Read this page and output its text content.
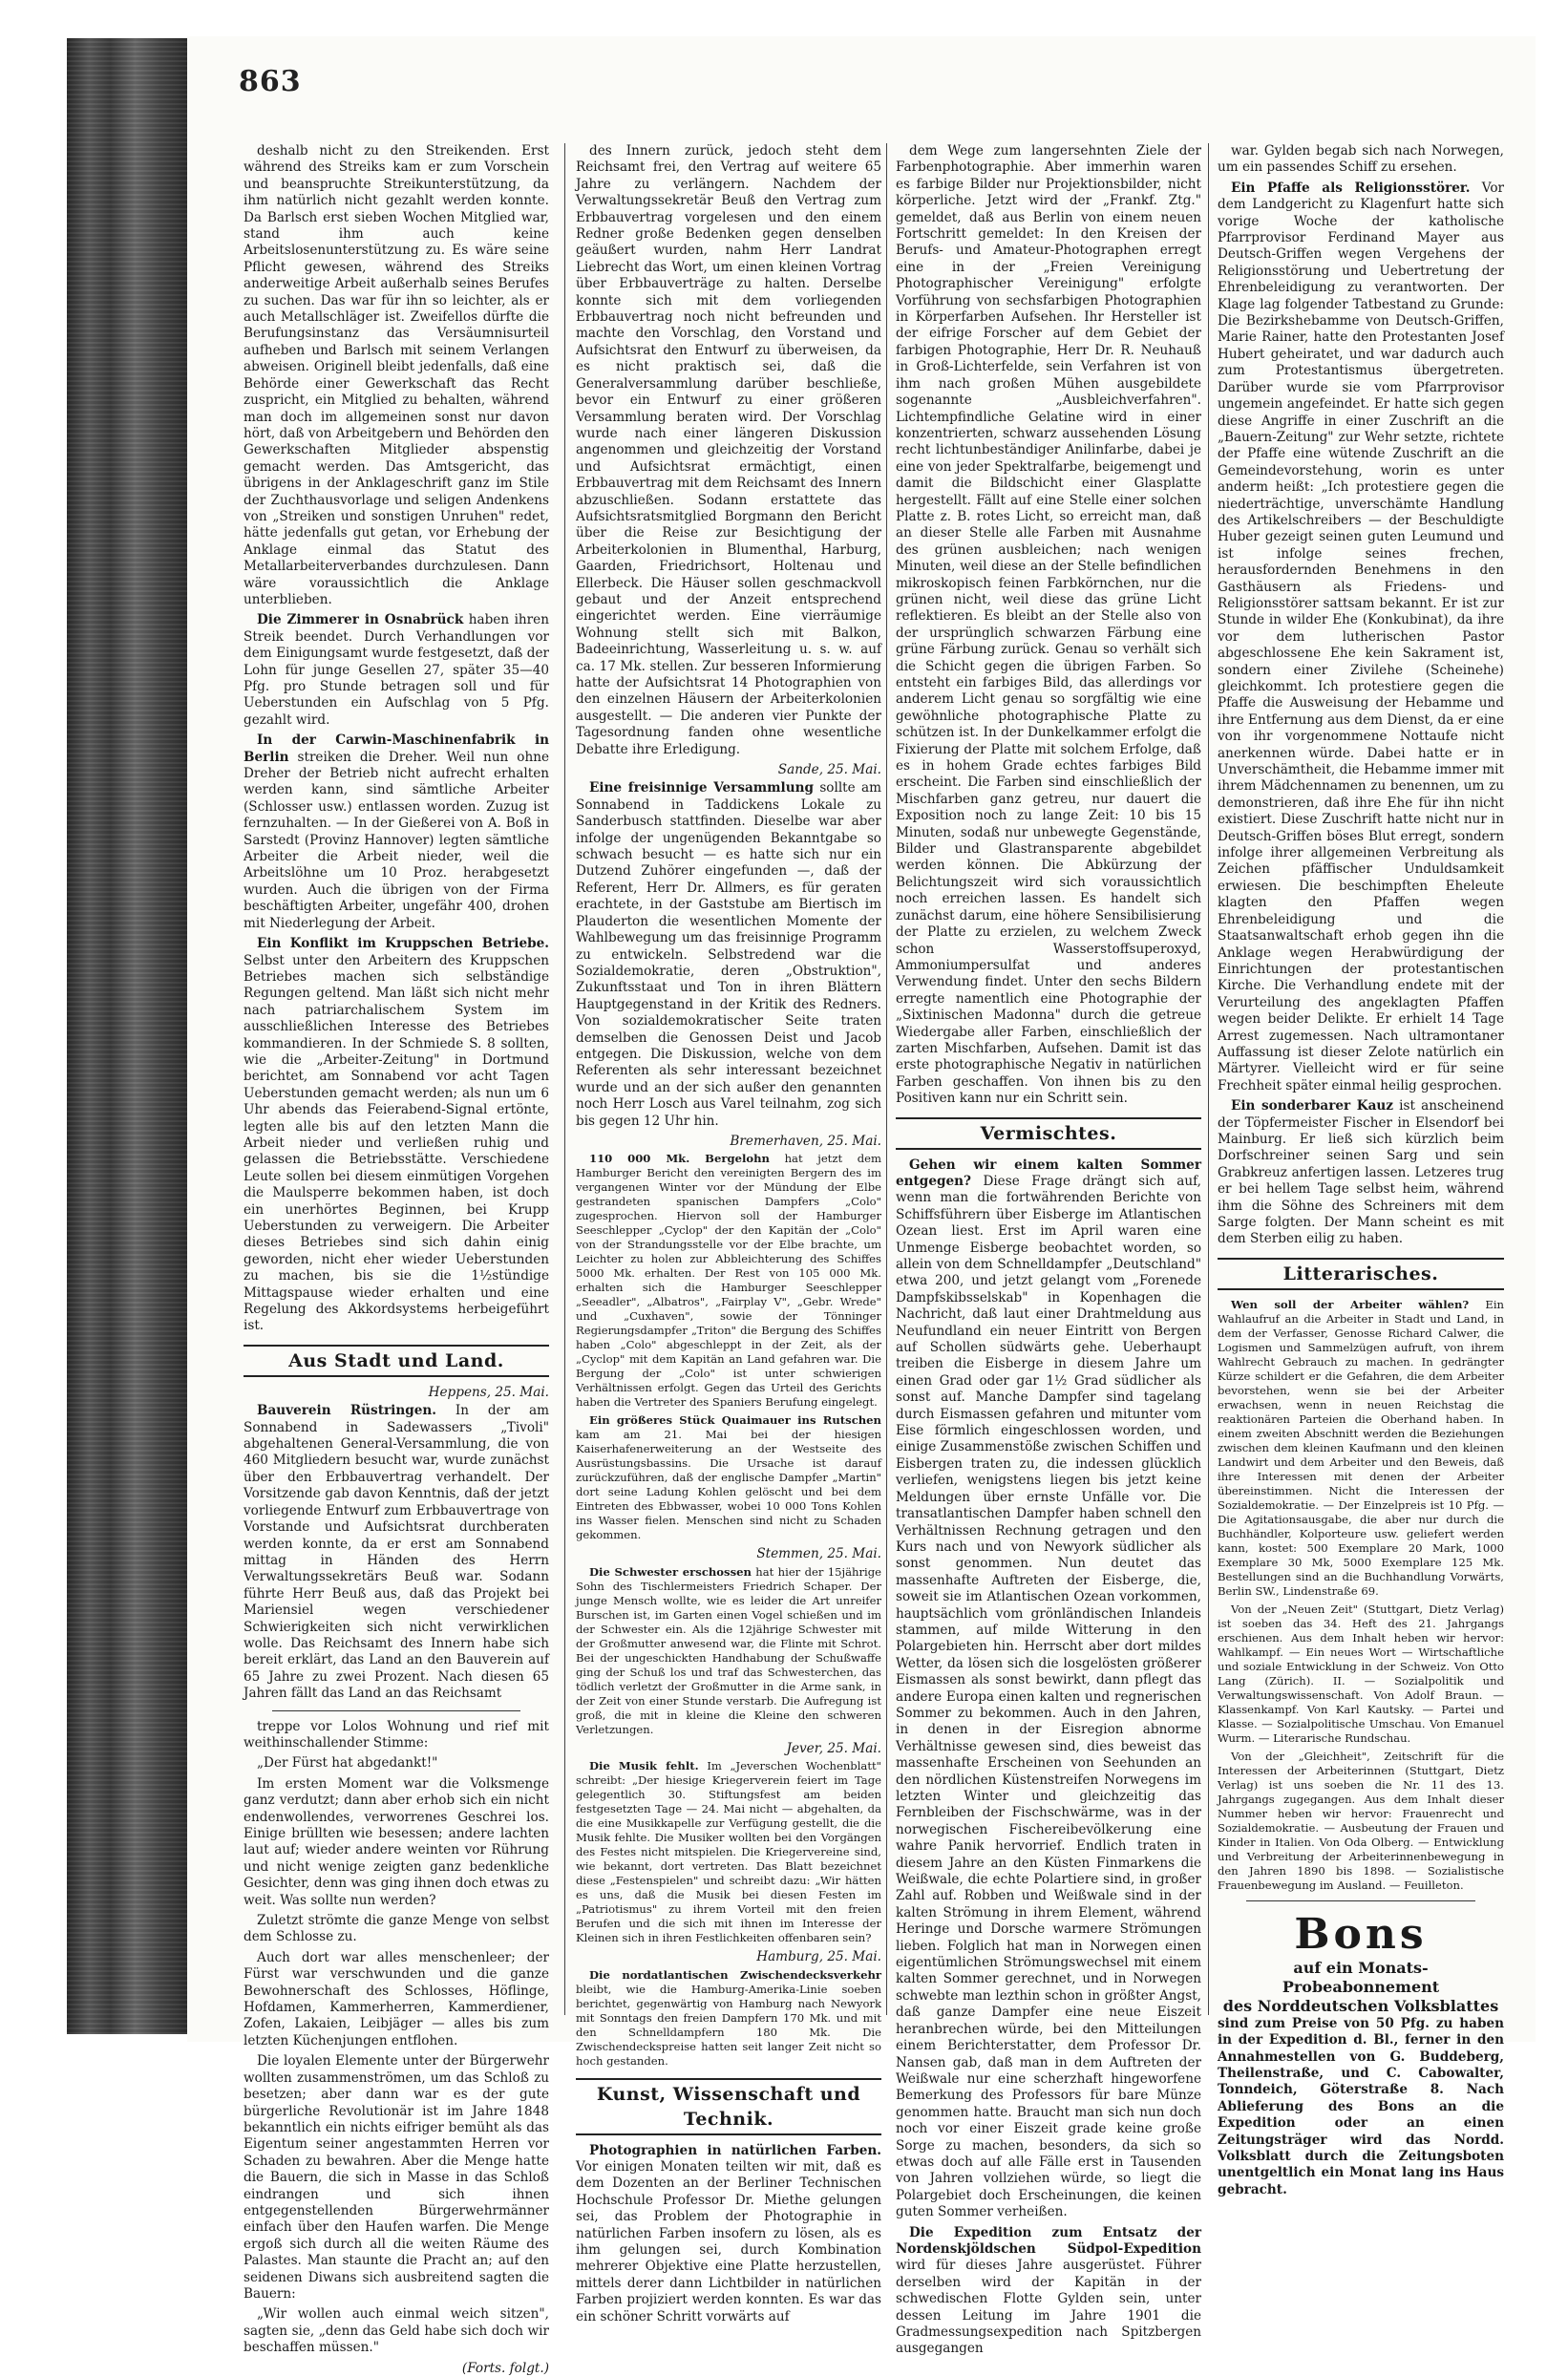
863

deshalb nicht zu den Streikenden. Erst während des Streiks kam er zum Vorschein und beanspruchte Streikunterstützung, da ihm natürlich nicht gezahlt werden konnte. Da Barlsch erst sieben Wochen Mitglied war, stand ihm auch keine Arbeitslosenunterstützung zu. Es wäre seine Pflicht gewesen, während des Streiks anderweitige Arbeit außerhalb seines Berufes zu suchen. Das war für ihn so leichter, als er auch Metallschläger ist. Zweifellos dürfte die Berufungsinstanz das Versäumnisurteil aufheben und Barlsch mit seinem Verlangen abweisen. Originell bleibt jedenfalls, daß eine Behörde einer Gewerkschaft das Recht zuspricht, ein Mitglied zu behalten, während man doch im allgemeinen sonst nur davon hört, daß von Arbeitgebern und Behörden den Gewerkschaften Mitglieder abspenstig gemacht werden. Das Amtsgericht, das übrigens in der Anklageschrift ganz im Stile der Zuchthausvorlage und seligen Andenkens von „Streiken und sonstigen Unruhen" redet, hätte jedenfalls gut getan, vor Erhebung der Anklage einmal das Statut des Metallarbeiterverbandes durchzulesen. Dann wäre voraussichtlich die Anklage unterblieben.

Die Zimmerer in Osnabrück haben ihren Streik beendet. Durch Verhandlungen vor dem Einigungsamt wurde festgesetzt, daß der Lohn für junge Gesellen 27, später 35—40 Pfg. pro Stunde betragen soll und für Ueberstunden ein Aufschlag von 5 Pfg. gezahlt wird.

In der Carwin-Maschinenfabrik in Berlin streiken die Dreher. Weil nun ohne Dreher der Betrieb nicht aufrecht erhalten werden kann, sind sämtliche Arbeiter (Schlosser usw.) entlassen worden. Zuzug ist fernzuhalten. — In der Gießerei von A. Boß in Sarstedt (Provinz Hannover) legten sämtliche Arbeiter die Arbeit nieder, weil die Arbeitslöhne um 10 Proz. herabgesetzt wurden. Auch die übrigen von der Firma beschäftigten Arbeiter, ungefähr 400, drohen mit Niederlegung der Arbeit.

Ein Konflikt im Kruppschen Betriebe. Selbst unter den Arbeitern des Kruppschen Betriebes machen sich selbständige Regungen geltend. Man läßt sich nicht mehr nach patriarchalischem System im ausschließlichen Interesse des Betriebes kommandieren. In der Schmiede S. 8 sollten, wie die „Arbeiter-Zeitung" in Dortmund berichtet, am Sonnabend vor acht Tagen Ueberstunden gemacht werden; als nun um 6 Uhr abends das Feierabend-Signal ertönte, legten alle bis auf den letzten Mann die Arbeit nieder und verließen ruhig und gelassen die Betriebsstätte. Verschiedene Leute sollen bei diesem einmütigen Vorgehen die Maulsperre bekommen haben, ist doch ein unerhörtes Beginnen, bei Krupp Ueberstunden zu verweigern. Die Arbeiter dieses Betriebes sind sich dahin einig geworden, nicht eher wieder Ueberstunden zu machen, bis sie die 1½stündige Mittagspause wieder erhalten und eine Regelung des Akkordsystems herbeigeführt ist.

Aus Stadt und Land.
Heppens, 25. Mai.

Bauverein Rüstringen. In der am Sonnabend in Sadewassers „Tivoli" abgehaltenen General-Versammlung, die von 460 Mitgliedern besucht war, wurde zunächst über den Erbbauvertrag verhandelt. Der Vorsitzende gab davon Kenntnis, daß der jetzt vorliegende Entwurf zum Erbbauvertrage von Vorstande und Aufsichtsrat durchberaten werden konnte, da er erst am Sonnabend mittag in Händen des Herrn Verwaltungssekretärs Beuß war. Sodann führte Herr Beuß aus, daß das Projekt bei Mariensiel wegen verschiedener Schwierigkeiten sich nicht verwirklichen wolle. Das Reichsamt des Innern habe sich bereit erklärt, das Land an den Bauverein auf 65 Jahre zu zwei Prozent. Nach diesen 65 Jahren fällt das Land an das Reichsamt

treppe vor Lolos Wohnung und rief mit weithinschallender Stimme:

„Der Fürst hat abgedankt!"

Im ersten Moment war die Volksmenge ganz verdutzt; dann aber erhob sich ein nicht endenwollendes, verworrenes Geschrei los. Einige brüllten wie besessen; andere lachten laut auf; wieder andere weinten vor Rührung und nicht wenige zeigten ganz bedenkliche Gesichter, denn was ging ihnen doch etwas zu weit. Was sollte nun werden?

Zuletzt strömte die ganze Menge von selbst dem Schlosse zu.

Auch dort war alles menschenleer; der Fürst war verschwunden und die ganze Bewohnerschaft des Schlosses, Höflinge, Hofdamen, Kammerherren, Kammerdiener, Zofen, Lakaien, Leibjäger — alles bis zum letzten Küchenjungen entflohen.

Die loyalen Elemente unter der Bürgerwehr wollten zusammenströmen, um das Schloß zu besetzen; aber dann war es der gute bürgerliche Revolutionär ist im Jahre 1848 bekanntlich ein nichts eifriger bemüht als das Eigentum seiner angestammten Herren vor Schaden zu bewahren. Aber die Menge hatte die Bauern, die sich in Masse in das Schloß eindrangen und sich ihnen entgegenstellenden Bürgerwehrmänner einfach über den Haufen warfen. Die Menge ergoß sich durch all die weiten Räume des Palastes. Man staunte die Pracht an; auf den seidenen Diwans sich ausbreitend sagten die Bauern:

„Wir wollen auch einmal weich sitzen", sagten sie, „denn das Geld habe sich doch wir beschaffen müssen."

(Forts. folgt.)

des Innern zurück, jedoch steht dem Reichsamt frei, den Vertrag auf weitere 65 Jahre zu verlängern. Nachdem der Verwaltungssekretär Beuß den Vertrag zum Erbbauvertrag vorgelesen und den einem Redner große Bedenken gegen denselben geäußert wurden, nahm Herr Landrat Liebrecht das Wort, um einen kleinen Vortrag über Erbbauverträge zu halten. Derselbe konnte sich mit dem vorliegenden Erbbauvertrag noch nicht befreunden und machte den Vorschlag, den Vorstand und Aufsichtsrat den Entwurf zu überweisen, da es nicht praktisch sei, daß die Generalversammlung darüber beschließe, bevor ein Entwurf zu einer größeren Versammlung beraten wird. Der Vorschlag wurde nach einer längeren Diskussion angenommen und gleichzeitig der Vorstand und Aufsichtsrat ermächtigt, einen Erbbauvertrag mit dem Reichsamt des Innern abzuschließen. Sodann erstattete das Aufsichtsratsmitglied Borgmann den Bericht über die Reise zur Besichtigung der Arbeiterkolonien in Blumenthal, Harburg, Gaarden, Friedrichsort, Holtenau und Ellerbeck. Die Häuser sollen geschmackvoll gebaut und der Anzeit entsprechend eingerichtet werden. Eine vierräumige Wohnung stellt sich mit Balkon, Badeeinrichtung, Wasserleitung u. s. w. auf ca. 17 Mk. stellen. Zur besseren Informierung hatte der Aufsichtsrat 14 Photographien von den einzelnen Häusern der Arbeiterkolonien ausgestellt. — Die anderen vier Punkte der Tagesordnung fanden ohne wesentliche Debatte ihre Erledigung.

Sande, 25. Mai.

Eine freisinnige Versammlung sollte am Sonnabend in Taddickens Lokale zu Sanderbusch stattfinden. Dieselbe war aber infolge der ungenügenden Bekanntgabe so schwach besucht — es hatte sich nur ein Dutzend Zuhörer eingefunden —, daß der Referent, Herr Dr. Allmers, es für geraten erachtete, in der Gaststube am Biertisch im Plauderton die wesentlichen Momente der Wahlbewegung um das freisinnige Programm zu entwickeln. Selbstredend war die Sozialdemokratie, deren „Obstruktion", Zukunftsstaat und Ton in ihren Blättern Hauptgegenstand in der Kritik des Redners. Von sozialdemokratischer Seite traten demselben die Genossen Deist und Jacob entgegen. Die Diskussion, welche von dem Referenten als sehr interessant bezeichnet wurde und an der sich außer den genannten noch Herr Losch aus Varel teilnahm, zog sich bis gegen 12 Uhr hin.

Bremerhaven, 25. Mai.

110 000 Mk. Bergelohn hat jetzt dem Hamburger Bericht den vereinigten Bergern des im vergangenen Winter vor der Mündung der Elbe gestrandeten spanischen Dampfers „Colo" zugesprochen. Hiervon soll der Hamburger Seeschlepper „Cyclop" der den Kapitän der „Colo" von der Strandungsstelle vor der Elbe brachte, um Leichter zu holen zur Abbleichterung des Schiffes 5000 Mk. erhalten. Der Rest von 105 000 Mk. erhalten sich die Hamburger Seeschlepper „Seeadler", „Albatros", „Fairplay V", „Gebr. Wrede" und „Cuxhaven", sowie der Tönninger Regierungsdampfer „Triton" die Bergung des Schiffes haben „Colo" abgeschleppt in der Zeit, als der „Cyclop" mit dem Kapitän an Land gefahren war. Die Bergung der „Colo" ist unter schwierigen Verhältnissen erfolgt. Gegen das Urteil des Gerichts haben die Vertreter des Spaniers Berufung eingelegt.

Ein größeres Stück Quaimauer ins Rutschen kam am 21. Mai bei der hiesigen Kaiserhafenerweiterung an der Westseite des Ausrüstungsbassins. Die Ursache ist darauf zurückzuführen, daß der englische Dampfer „Martin" dort seine Ladung Kohlen gelöscht und bei dem Eintreten des Ebbwasser, wobei 10 000 Tons Kohlen ins Wasser fielen. Menschen sind nicht zu Schaden gekommen.

Stemmen, 25. Mai.

Die Schwester erschossen hat hier der 15jährige Sohn des Tischlermeisters Friedrich Schaper. Der junge Mensch wollte, wie es leider die Art unreifer Burschen ist, im Garten einen Vogel schießen und im der Schwester ein. Als die 12jährige Schwester mit der Großmutter anwesend war, die Flinte mit Schrot. Bei der ungeschickten Handhabung der Schußwaffe ging der Schuß los und traf das Schwesterchen, das tödlich verletzt der Großmutter in die Arme sank, in der Zeit von einer Stunde verstarb. Die Aufregung ist groß, die mit in kleine die Kleine den schweren Verletzungen.

Jever, 25. Mai.

Die Musik fehlt. Im „Jeverschen Wochenblatt" schreibt: „Der hiesige Kriegerverein feiert im Tage gelegentlich 30. Stiftungsfest am beiden festgesetzten Tage — 24. Mai nicht — abgehalten, da die eine Musikkapelle zur Verfügung gestellt, die die Musik fehlte. Die Musiker wollten bei den Vorgängen des Festes nicht mitspielen. Die Kriegervereine sind, wie bekannt, dort vertreten. Das Blatt bezeichnet diese „Festenspielen" und schreibt dazu: „Wir hätten es uns, daß die Musik bei diesen Festen im „Patriotismus" zu ihrem Vorteil mit den freien Berufen und die sich mit ihnen im Interesse der Kleinen sich in ihren Festlichkeiten offenbaren sein?

Hamburg, 25. Mai.

Die nordatlantischen Zwischendecksverkehr bleibt, wie die Hamburg-Amerika-Linie soeben berichtet, gegenwärtig von Hamburg nach Newyork mit Sonntags den freien Dampfern 170 Mk. und mit den Schnelldampfern 180 Mk. Die Zwischendeckspreise hatten seit langer Zeit nicht so hoch gestanden.

Kunst, Wissenschaft und Technik.

Photographien in natürlichen Farben. Vor einigen Monaten teilten wir mit, daß es dem Dozenten an der Berliner Technischen Hochschule Professor Dr. Miethe gelungen sei, das Problem der Photographie in natürlichen Farben insofern zu lösen, als es ihm gelungen sei, durch Kombination mehrerer Objektive eine Platte herzustellen, mittels derer dann Lichtbilder in natürlichen Farben projiziert werden konnten. Es war das ein schöner Schritt vorwärts auf

dem Wege zum langersehnten Ziele der Farbenphotographie. Aber immerhin waren es farbige Bilder nur Projektionsbilder, nicht körperliche. Jetzt wird der „Frankf. Ztg." gemeldet, daß aus Berlin von einem neuen Fortschritt gemeldet: In den Kreisen der Berufs- und Amateur-Photographen erregt eine in der „Freien Vereinigung Photographischer Vereinigung" erfolgte Vorführung von sechsfarbigen Photographien in Körperfarben Aufsehen. Ihr Hersteller ist der eifrige Forscher auf dem Gebiet der farbigen Photographie, Herr Dr. R. Neuhauß in Groß-Lichterfelde, sein Verfahren ist von ihm nach großen Mühen ausgebildete sogenannte „Ausbleichverfahren". Lichtempfindliche Gelatine wird in einer konzentrierten, schwarz aussehenden Lösung recht lichtunbeständiger Anilinfarbe, dabei je eine von jeder Spektralfarbe, beigemengt und damit die Bildschicht einer Glasplatte hergestellt. Fällt auf eine Stelle einer solchen Platte z. B. rotes Licht, so erreicht man, daß an dieser Stelle alle Farben mit Ausnahme des grünen ausbleichen; nach wenigen Minuten, weil diese an der Stelle befindlichen mikroskopisch feinen Farbkörnchen, nur die grünen nicht, weil diese das grüne Licht reflektieren. Es bleibt an der Stelle also von der ursprünglich schwarzen Färbung eine grüne Färbung zurück. Genau so verhält sich die Schicht gegen die übrigen Farben. So entsteht ein farbiges Bild, das allerdings vor anderem Licht genau so sorgfältig wie eine gewöhnliche photographische Platte zu schützen ist. In der Dunkelkammer erfolgt die Fixierung der Platte mit solchem Erfolge, daß es in hohem Grade echtes farbiges Bild erscheint. Die Farben sind einschließlich der Mischfarben ganz getreu, nur dauert die Exposition noch zu lange Zeit: 10 bis 15 Minuten, sodaß nur unbewegte Gegenstände, Bilder und Glastransparente abgebildet werden können. Die Abkürzung der Belichtungszeit wird sich voraussichtlich noch erreichen lassen. Es handelt sich zunächst darum, eine höhere Sensibilisierung der Platte zu erzielen, zu welchem Zweck schon Wasserstoffsuperoxyd, Ammoniumpersulfat und anderes Verwendung findet. Unter den sechs Bildern erregte namentlich eine Photographie der „Sixtinischen Madonna" durch die getreue Wiedergabe aller Farben, einschließlich der zarten Mischfarben, Aufsehen. Damit ist das erste photographische Negativ in natürlichen Farben geschaffen. Von ihnen bis zu den Positiven kann nur ein Schritt sein.

Vermischtes.

Gehen wir einem kalten Sommer entgegen? Diese Frage drängt sich auf, wenn man die fortwährenden Berichte von Schiffsführern über Eisberge im Atlantischen Ozean liest. Erst im April waren eine Unmenge Eisberge beobachtet worden, so allein von dem Schnelldampfer „Deutschland" etwa 200, und jetzt gelangt vom „Forenede Dampfskibsselskab" in Kopenhagen die Nachricht, daß laut einer Drahtmeldung aus Neufundland ein neuer Eintritt von Bergen auf Schollen südwärts gehe. Ueberhaupt treiben die Eisberge in diesem Jahre um einen Grad oder gar 1½ Grad südlicher als sonst auf. Manche Dampfer sind tagelang durch Eismassen gefahren und mitunter vom Eise förmlich eingeschlossen worden, und einige Zusammenstöße zwischen Schiffen und Eisbergen traten zu, die indessen glücklich verliefen, wenigstens liegen bis jetzt keine Meldungen über ernste Unfälle vor. Die transatlantischen Dampfer haben schnell den Verhältnissen Rechnung getragen und den Kurs nach und von Newyork südlicher als sonst genommen. Nun deutet das massenhafte Auftreten der Eisberge, die, soweit sie im Atlantischen Ozean vorkommen, hauptsächlich vom grönländischen Inlandeis stammen, auf milde Witterung in den Polargebieten hin. Herrscht aber dort mildes Wetter, da lösen sich die losgelösten größerer Eismassen als sonst bewirkt, dann pflegt das andere Europa einen kalten und regnerischen Sommer zu bekommen. Auch in den Jahren, in denen in der Eisregion abnorme Verhältnisse gewesen sind, dies beweist das massenhafte Erscheinen von Seehunden an den nördlichen Küstenstreifen Norwegens im letzten Winter und gleichzeitig das Fernbleiben der Fischschwärme, was in der norwegischen Fischereibevölkerung eine wahre Panik hervorrief. Endlich traten in diesem Jahre an den Küsten Finmarkens die Weißwale, die echte Polartiere sind, in großer Zahl auf. Robben und Weißwale sind in der kalten Strömung in ihrem Element, während Heringe und Dorsche warmere Strömungen lieben. Folglich hat man in Norwegen einen eigentümlichen Strömungswechsel mit einem kalten Sommer gerechnet, und in Norwegen schwebte man lezthin schon in größter Angst, daß ganze Dampfer eine neue Eiszeit heranbrechen würde, bei den Mitteilungen einem Berichterstatter, dem Professor Dr. Nansen gab, daß man in dem Auftreten der Weißwale nur eine scherzhaft hingeworfene Bemerkung des Professors für bare Münze genommen hatte. Braucht man sich nun doch noch vor einer Eiszeit grade keine große Sorge zu machen, besonders, da sich so etwas doch auf alle Fälle erst in Tausenden von Jahren vollziehen würde, so liegt die Polargebiet doch Erscheinungen, die keinen guten Sommer verheißen.

Die Expedition zum Entsatz der Nordenskjöldschen Südpol-Expedition wird für dieses Jahre ausgerüstet. Führer derselben wird der Kapitän in der schwedischen Flotte Gylden sein, unter dessen Leitung im Jahre 1901 die Gradmessungsexpedition nach Spitzbergen ausgegangen

war. Gylden begab sich nach Norwegen, um ein passendes Schiff zu ersehen.

Ein Pfaffe als Religionsstörer. Vor dem Landgericht zu Klagenfurt hatte sich vorige Woche der katholische Pfarrprovisor Ferdinand Mayer aus Deutsch-Griffen wegen Vergehens der Religionsstörung und Uebertretung der Ehrenbeleidigung zu verantworten. Der Klage lag folgender Tatbestand zu Grunde: Die Bezirkshebamme von Deutsch-Griffen, Marie Rainer, hatte den Protestanten Josef Hubert geheiratet, und war dadurch auch zum Protestantismus übergetreten. Darüber wurde sie vom Pfarrprovisor ungemein angefeindet. Er hatte sich gegen diese Angriffe in einer Zuschrift an die „Bauern-Zeitung" zur Wehr setzte, richtete der Pfaffe eine wütende Zuschrift an die Gemeindevorstehung, worin es unter anderm heißt: „Ich protestiere gegen die niederträchtige, unverschämte Handlung des Artikelschreibers — der Beschuldigte Huber gezeigt seinen guten Leumund und ist infolge seines frechen, herausfordernden Benehmens in den Gasthäusern als Friedens- und Religionsstörer sattsam bekannt. Er ist zur Stunde in wilder Ehe (Konkubinat), da ihre vor dem lutherischen Pastor abgeschlossene Ehe kein Sakrament ist, sondern einer Zivilehe (Scheinehe) gleichkommt. Ich protestiere gegen die Pfaffe die Ausweisung der Hebamme und ihre Entfernung aus dem Dienst, da er eine von ihr vorgenommene Nottaufe nicht anerkennen würde. Dabei hatte er in Unverschämtheit, die Hebamme immer mit ihrem Mädchennamen zu benennen, um zu demonstrieren, daß ihre Ehe für ihn nicht existiert. Diese Zuschrift hatte nicht nur in Deutsch-Griffen böses Blut erregt, sondern infolge ihrer allgemeinen Verbreitung als Zeichen pfäffischer Unduldsamkeit erwiesen. Die beschimpften Eheleute klagten den Pfaffen wegen Ehrenbeleidigung und die Staatsanwaltschaft erhob gegen ihn die Anklage wegen Herabwürdigung der Einrichtungen der protestantischen Kirche. Die Verhandlung endete mit der Verurteilung des angeklagten Pfaffen wegen beider Delikte. Er erhielt 14 Tage Arrest zugemessen. Nach ultramontaner Auffassung ist dieser Zelote natürlich ein Märtyrer. Vielleicht wird er für seine Frechheit später einmal heilig gesprochen.

Ein sonderbarer Kauz ist anscheinend der Töpfermeister Fischer in Elsendorf bei Mainburg. Er ließ sich kürzlich beim Dorfschreiner seinen Sarg und sein Grabkreuz anfertigen lassen. Letzeres trug er bei hellem Tage selbst heim, während ihm die Söhne des Schreiners mit dem Sarge folgten. Der Mann scheint es mit dem Sterben eilig zu haben.

Litterarisches.

Wen soll der Arbeiter wählen? Ein Wahlaufruf an die Arbeiter in Stadt und Land, in dem der Verfasser, Genosse Richard Calwer, die Logismen und Sammelzügen aufruft, von ihrem Wahlrecht Gebrauch zu machen. In gedrängter Kürze schildert er die Gefahren, die dem Arbeiter bevorstehen, wenn sie bei der Arbeiter erwachsen, wenn in neuen Reichstag die reaktionären Parteien die Oberhand haben. In einem zweiten Abschnitt werden die Beziehungen zwischen dem kleinen Kaufmann und den kleinen Landwirt und dem Arbeiter und den Beweis, daß ihre Interessen mit denen der Arbeiter übereinstimmen. Nicht die Interessen der Sozialdemokratie. — Der Einzelpreis ist 10 Pfg. — Die Agitationsausgabe, die aber nur durch die Buchhändler, Kolporteure usw. geliefert werden kann, kostet: 500 Exemplare 20 Mark, 1000 Exemplare 30 Mk, 5000 Exemplare 125 Mk. Bestellungen sind an die Buchhandlung Vorwärts, Berlin SW., Lindenstraße 69.

Von der „Neuen Zeit" (Stuttgart, Dietz Verlag) ist soeben das 34. Heft des 21. Jahrgangs erschienen. Aus dem Inhalt heben wir hervor: Wahlkampf. — Ein neues Wort — Wirtschaftliche und soziale Entwicklung in der Schweiz. Von Otto Lang (Zürich). II. — Sozialpolitik und Verwaltungswissenschaft. Von Adolf Braun. — Klassenkampf. Von Karl Kautsky. — Partei und Klasse. — Sozialpolitische Umschau. Von Emanuel Wurm. — Literarische Rundschau.

Von der „Gleichheit", Zeitschrift für die Interessen der Arbeiterinnen (Stuttgart, Dietz Verlag) ist uns soeben die Nr. 11 des 13. Jahrgangs zugegangen. Aus dem Inhalt dieser Nummer heben wir hervor: Frauenrecht und Sozialdemokratie. — Ausbeutung der Frauen und Kinder in Italien. Von Oda Olberg. — Entwicklung und Verbreitung der Arbeiterinnenbewegung in den Jahren 1890 bis 1898. — Sozialistische Frauenbewegung im Ausland. — Feuilleton.

Bons
auf ein Monats-Probeabonnement
des Norddeutschen Volksblattes

sind zum Preise von 50 Pfg. zu haben in der Expedition d. Bl., ferner in den Annahmestellen von G. Buddeberg, Theilenstraße, und C. Cabowalter, Tonndeich, Göterstraße 8. Nach Ablieferung des Bons an die Expedition oder an einen Zeitungsträger wird das Nordd. Volksblatt durch die Zeitungsboten unentgeltlich ein Monat lang ins Haus gebracht.
